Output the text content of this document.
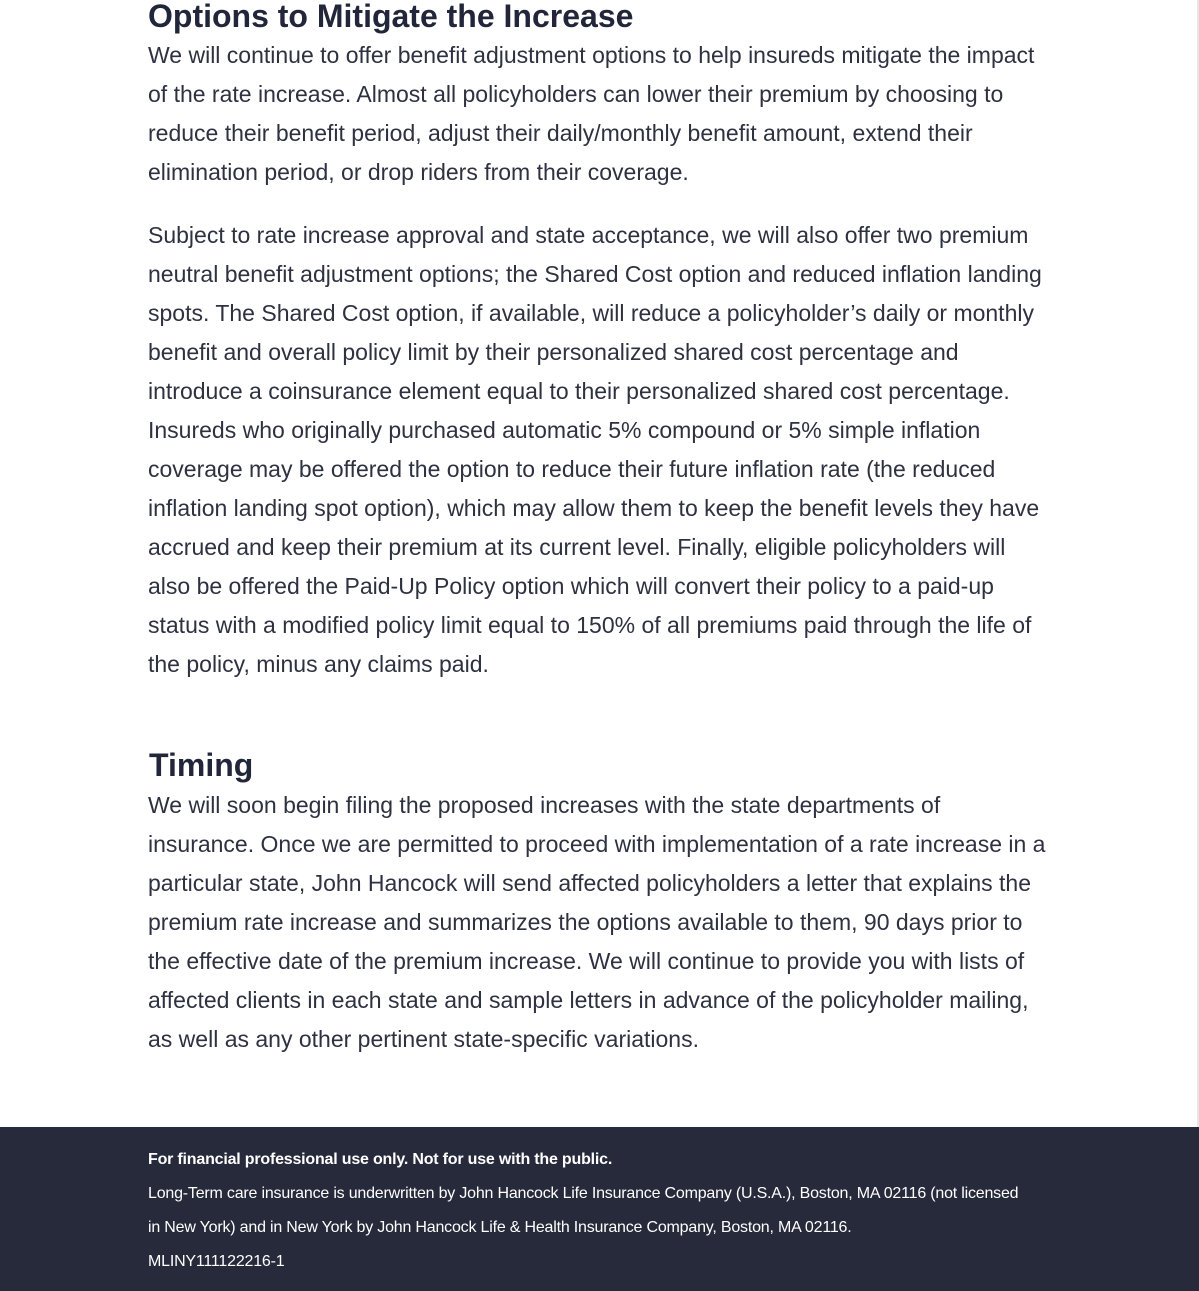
Options to Mitigate the Increase

We will continue to offer benefit adjustment options to help insureds mitigate the impact of the rate increase. Almost all policyholders can lower their premium by choosing to reduce their benefit period, adjust their daily/monthly benefit amount, extend their elimination period, or drop riders from their coverage.

Subject to rate increase approval and state acceptance, we will also offer two premium neutral benefit adjustment options; the Shared Cost option and reduced inflation landing spots. The Shared Cost option, if available, will reduce a policyholder’s daily or monthly benefit and overall policy limit by their personalized shared cost percentage and introduce a coinsurance element equal to their personalized shared cost percentage. Insureds who originally purchased automatic 5% compound or 5% simple inflation coverage may be offered the option to reduce their future inflation rate (the reduced inflation landing spot option), which may allow them to keep the benefit levels they have accrued and keep their premium at its current level. Finally, eligible policyholders will also be offered the Paid-Up Policy option which will convert their policy to a paid-up status with a modified policy limit equal to 150% of all premiums paid through the life of the policy, minus any claims paid.

Timing

We will soon begin filing the proposed increases with the state departments of insurance. Once we are permitted to proceed with implementation of a rate increase in a particular state, John Hancock will send affected policyholders a letter that explains the premium rate increase and summarizes the options available to them, 90 days prior to the effective date of the premium increase. We will continue to provide you with lists of affected clients in each state and sample letters in advance of the policyholder mailing, as well as any other pertinent state-specific variations.

For financial professional use only. Not for use with the public.
Long-Term care insurance is underwritten by John Hancock Life Insurance Company (U.S.A.), Boston, MA 02116 (not licensed in New York) and in New York by John Hancock Life & Health Insurance Company, Boston, MA 02116.
MLINY111122216-1
